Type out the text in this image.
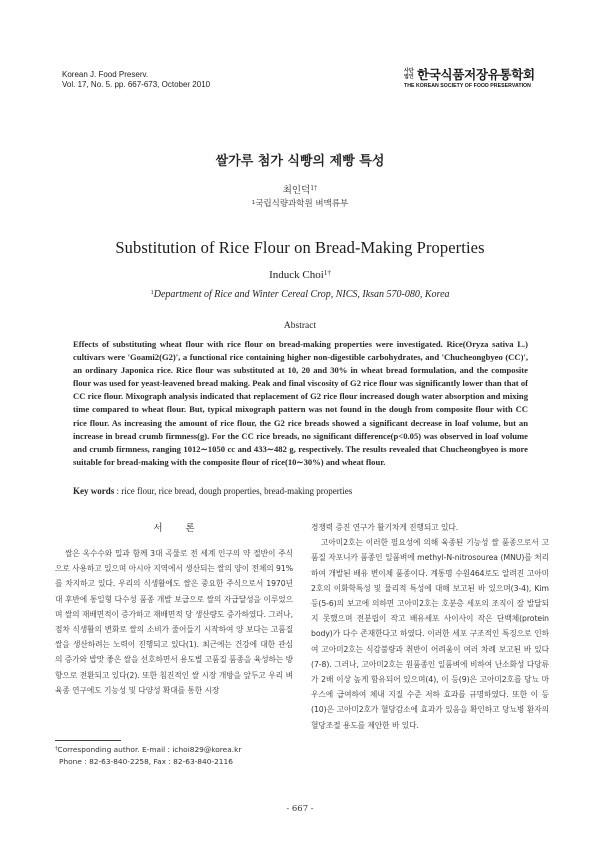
Korean J. Food Preserv.
Vol. 17, No. 5. pp. 667-673, October 2010
사단
법인 한국식품저장유통학회
THE KOREAN SOCIETY OF FOOD PRESERVATION
쌀가루 첨가 식빵의 제빵 특성
최인덕$^{1\dagger}$
$^1$국립식량과학원 벼맥류부
Substitution of Rice Flour on Bread-Making Properties
Induck Choi$^{1\dagger}$
$^1$Department of Rice and Winter Cereal Crop, NICS, Iksan 570-080, Korea
Abstract
Effects of substituting wheat flour with rice flour on bread-making properties were investigated. Rice(Oryza sativa L.) cultivars were 'Goami2(G2)', a functional rice containing higher non-digestible carbohydrates, and 'Chucheongbyeo (CC)', an ordinary Japonica rice. Rice flour was substituted at 10, 20 and 30% in wheat bread formulation, and the composite flour was used for yeast-leavened bread making. Peak and final viscosity of G2 rice flour was significantly lower than that of CC rice flour. Mixograph analysis indicated that replacement of G2 rice flour increased dough water absorption and mixing time compared to wheat flour. But, typical mixograph pattern was not found in the dough from composite flour with CC rice flour. As increasing the amount of rice flour, the G2 rice breads showed a significant decrease in loaf volume, but an increase in bread crumb firmness(g). For the CC rice breads, no significant difference(p<0.05) was observed in loaf volume and crumb firmness, ranging 1012∼1050 cc and 433∼482 g, respectively. The results revealed that Chucheongbyeo is more suitable for bread-making with the composite flour of rice(10∼30%) and wheat flour.
Key words : rice flour, rice bread, dough properties, bread-making properties
서 론

쌀은 옥수수와 밀과 함께 3대 곡물로 전 세계 인구의 약 절반이 주식으로 사용하고 있으며 아시아 지역에서 생산되는 쌀의 양이 전체의 91%를 차지하고 있다. 우리의 식생활에도 쌀은 중요한 주식으로서 1970년 대 후반에 통일형 다수성 품종 개발 보급으로 쌀의 자급달성을 이루었으며 쌀의 재배면적이 증가하고 재배면적 당 생산량도 증가하였다. 그러나, 점차 식생활의 변화로 쌀의 소비가 줄어들기 시작하여 양 보다는 고품질 쌀을 생산하려는 노력이 진행되고 있다(1). 최근에는 건강에 대한 관심의 증가와 밥맛 좋은 쌀을 선호하면서 용도별 고품질 품종을 육성하는 방향으로 전환되고 있다(2). 또한 침진적인 쌀 시장 개방을 앞두고 우리 벼 육종 연구에도 기능성 및 다양성 확대를 통한 시장

경쟁력 증진 연구가 활기차게 진행되고 있다.

고아미2호는 이러한 필요성에 의해 육종된 기능성 쌀 품종으로서 고품질 자포니카 품종인 일품벼에 methyl-N-nitrosourea (MNU)를 처리하여 개발된 배유 변이체 품종이다. 계통명 수원464로도 알려진 고아미2호의 이화학특성 및 물리적 특성에 대해 보고된 바 있으며(3-4), Kim 등(5-6)의 보고에 의하면 고아미2호는 호분층 세포의 조직이 잘 발달되지 못했으며 전분립이 작고 배유세포 사이사이 작은 단백체(protein body)가 다수 존재한다고 하였다. 이러한 세포 구조적인 특징으로 인하여 고아미2호는 식감불량과 취반이 어려움이 여러 차례 보고된 바 있다(7-8). 그러나, 고아미2호는 원품종인 일품벼에 비하여 난소화성 다당류가 2배 이상 높게 함유되어 있으며(4), 이 등(9)은 고아미2호를 당뇨 마우스에 급여하여 체내 지질 수준 저하 효과를 규명하였다. 또한 이 등(10)은 고아미2호가 혈당감소에 효과가 있음을 확인하고 당뇨병 환자의 혈당조절 용도를 제안한 바 있다.

†Corresponding author. E-mail : ichoi829@korea.kr
Phone : 82-63-840-2258, Fax : 82-63-840-2116
- 667 -
